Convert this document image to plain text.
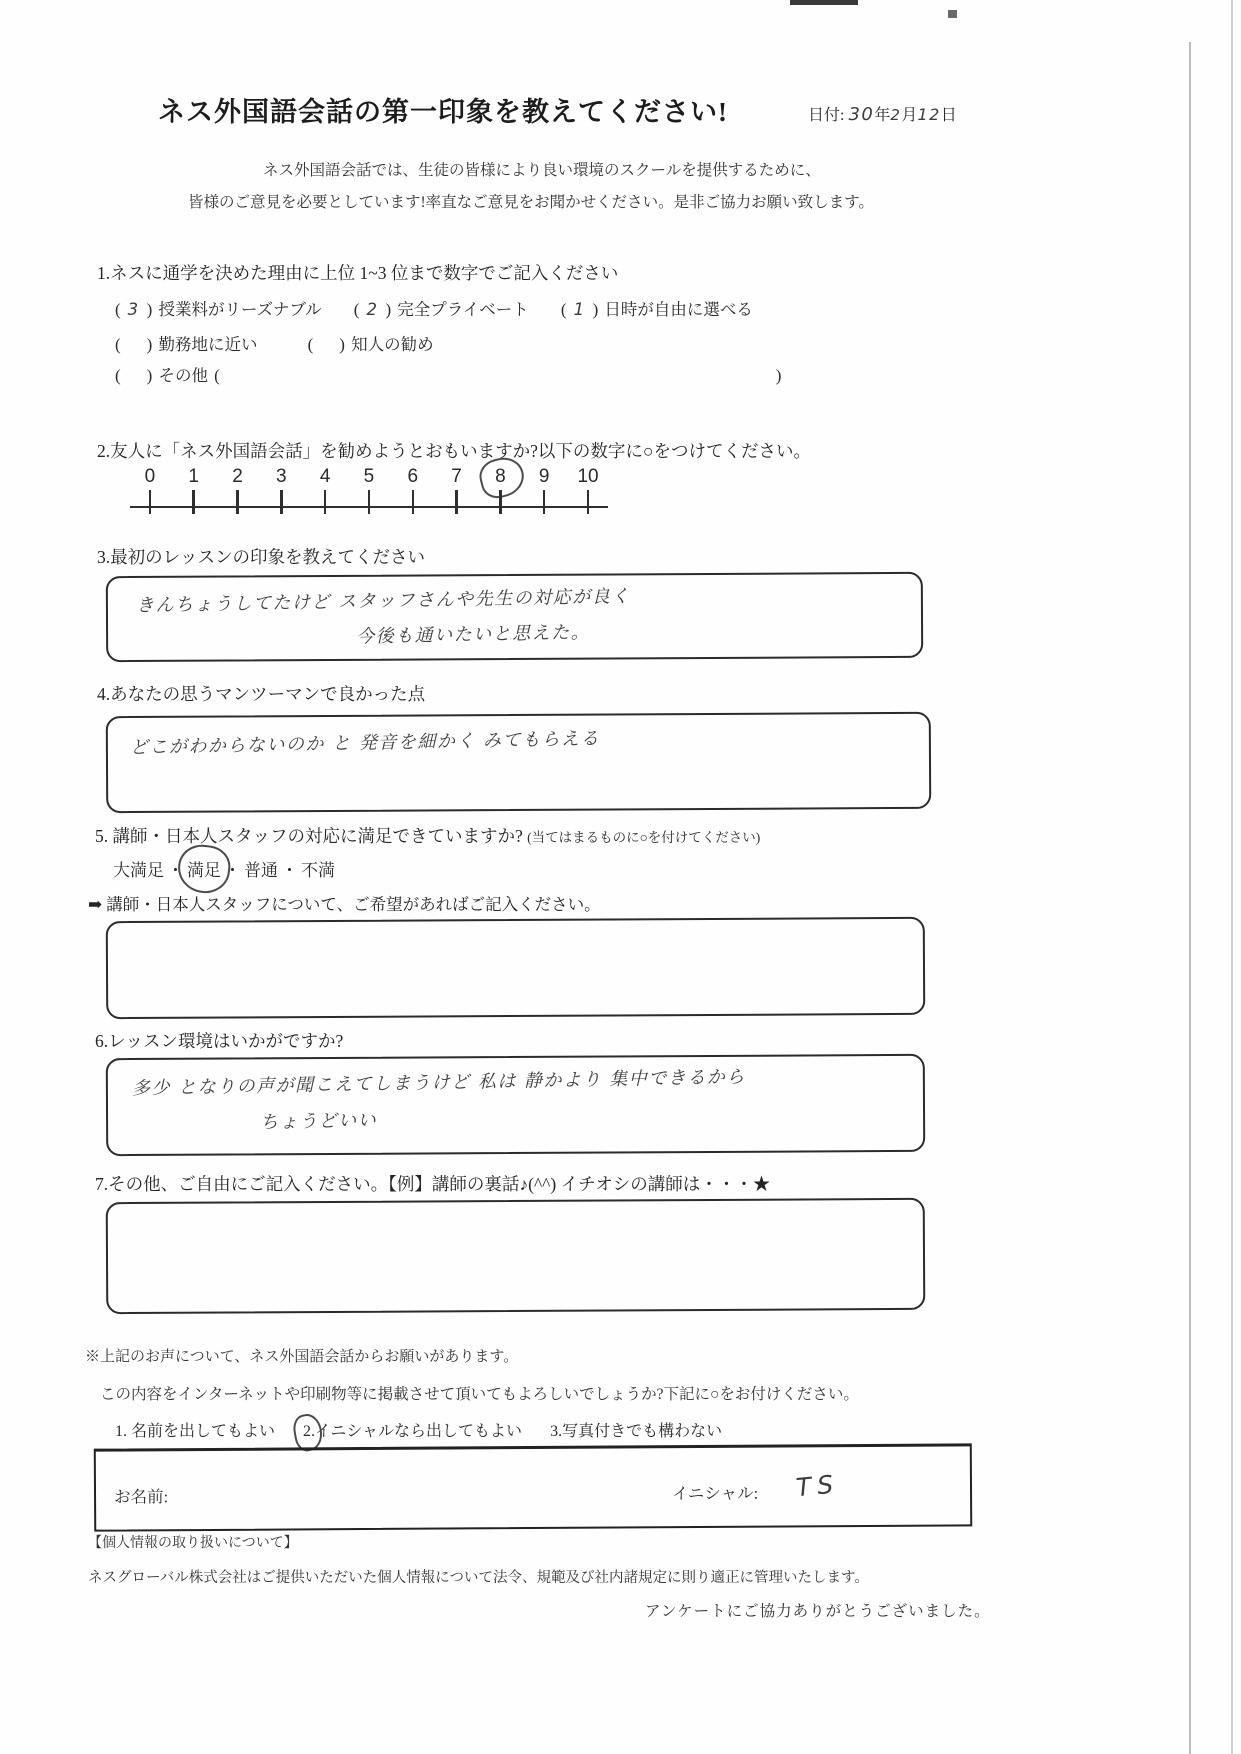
ネス外国語会話の第一印象を教えてください!	日付: 30年2月12日
ネス外国語会話では、生徒の皆様により良い環境のスクールを提供するために、
皆様のご意見を必要としています!率直なご意見をお聞かせください。是非ご協力お願い致します。
1.ネスに通学を決めた理由に上位 1~3 位まで数字でご記入ください
( 3 ) 授業料がリーズナブル ( 2 ) 完全プライベート ( 1 ) 日時が自由に選べる
( ) 勤務地に近い	( ) 知人の勧め
( ) その他 (	)
2.友人に「ネス外国語会話」を勧めようとおもいますか?以下の数字に○をつけてください。
0	1	2	3	4	5	6	7	8	9	10
3.最初のレッスンの印象を教えてください
きんちょうしてたけど スタッフさんや先生の対応が良く
今後も通いたいと思えた。
4.あなたの思うマンツーマンで良かった点
どこがわからないのか と 発音を細かく みてもらえる
5. 講師・日本人スタッフの対応に満足できていますか? (当てはまるものに○を付けてください)
大満足 ・ 満足 ・ 普通 ・ 不満
➡ 講師・日本人スタッフについて、ご希望があればご記入ください。
6.レッスン環境はいかがですか?
多少 となりの声が聞こえてしまうけど 私は 静かより 集中できるから
ちょうどいい
7.その他、ご自由にご記入ください。【例】講師の裏話♪(^^) イチオシの講師は・・・★
※上記のお声について、ネス外国語会話からお願いがあります。
この内容をインターネットや印刷物等に掲載させて頂いてもよろしいでしょうか?下記に○をお付けください。
1. 名前を出してもよい 2.イニシャルなら出してもよい 3.写真付きでも構わない
お名前:	イニシャル: TS
【個人情報の取り扱いについて】
ネスグローバル株式会社はご提供いただいた個人情報について法令、規範及び社内諸規定に則り適正に管理いたします。
アンケートにご協力ありがとうございました。
